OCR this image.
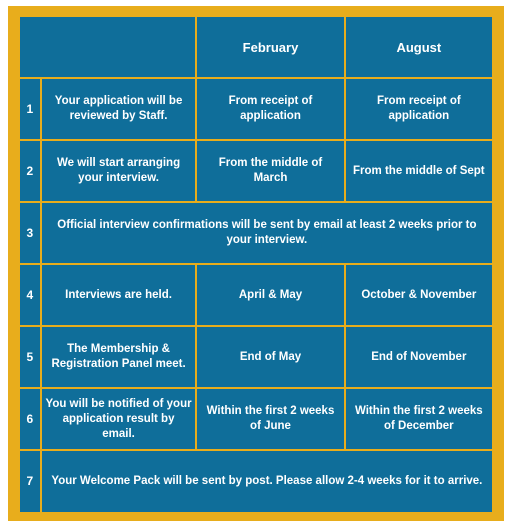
		February	August
1	Your application will be reviewed by Staff.	From receipt of application	From receipt of application
2	We will start arranging your interview.	From the middle of March	From the middle of Sept
3	Official interview confirmations will be sent by email at least 2 weeks prior to your interview.		
4	Interviews are held.	April & May	October & November
5	The Membership & Registration Panel meet.	End of May	End of November
6	You will be notified of your application result by email.	Within the first 2 weeks of June	Within the first 2 weeks of December
7	Your Welcome Pack will be sent by post. Please allow 2-4 weeks for it to arrive.		
